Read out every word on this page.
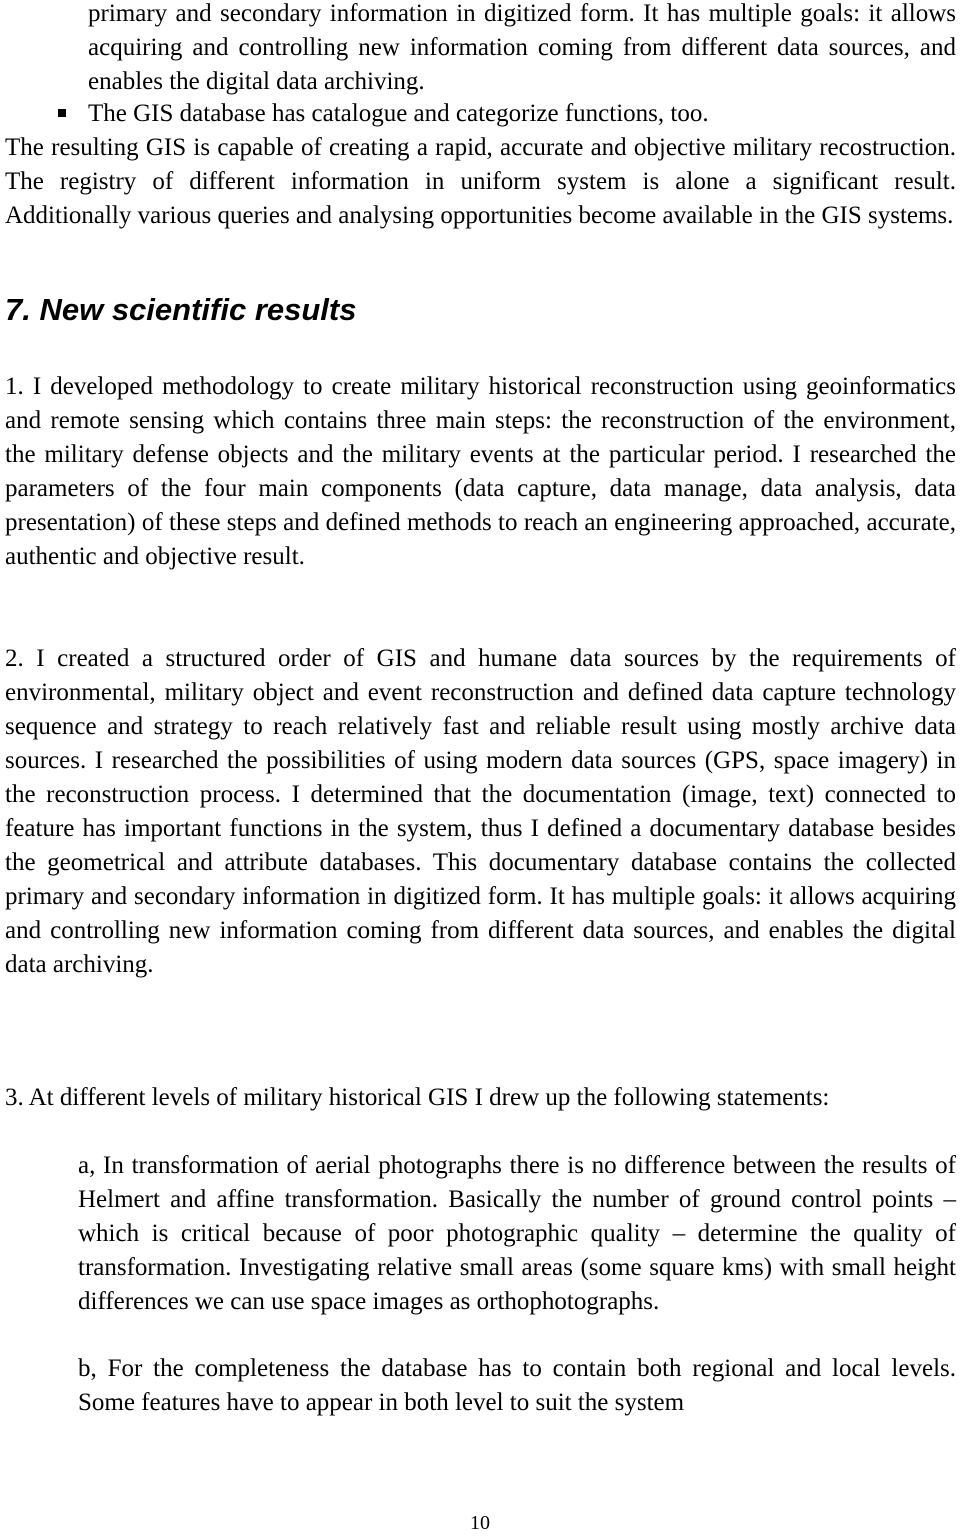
primary and secondary information in digitized form. It has multiple goals: it allows acquiring and controlling new information coming from different data sources, and enables the digital data archiving.

The GIS database has catalogue and categorize functions, too.

The resulting GIS is capable of creating a rapid, accurate and objective military recostruction. The registry of different information in uniform system is alone a significant result. Additionally various queries and analysing opportunities become available in the GIS systems.

7. New scientific results

1. I developed methodology to create military historical reconstruction using geoinformatics and remote sensing which contains three main steps: the reconstruction of the environment, the military defense objects and the military events at the particular period. I researched the parameters of the four main components (data capture, data manage, data analysis, data presentation) of these steps and defined methods to reach an engineering approached, accurate, authentic and objective result.

2. I created a structured order of GIS and humane data sources by the requirements of environmental, military object and event reconstruction and defined data capture technology sequence and strategy to reach relatively fast and reliable result using mostly archive data sources. I researched the possibilities of using modern data sources (GPS, space imagery) in the reconstruction process. I determined that the documentation (image, text) connected to feature has important functions in the system, thus I defined a documentary database besides the geometrical and attribute databases. This documentary database contains the collected primary and secondary information in digitized form. It has multiple goals: it allows acquiring and controlling new information coming from different data sources, and enables the digital data archiving.

3. At different levels of military historical GIS I drew up the following statements:

a, In transformation of aerial photographs there is no difference between the results of Helmert and affine transformation. Basically the number of ground control points – which is critical because of poor photographic quality – determine the quality of transformation. Investigating relative small areas (some square kms) with small height differences we can use space images as orthophotographs.

b, For the completeness the database has to contain both regional and local levels. Some features have to appear in both level to suit the system

10
